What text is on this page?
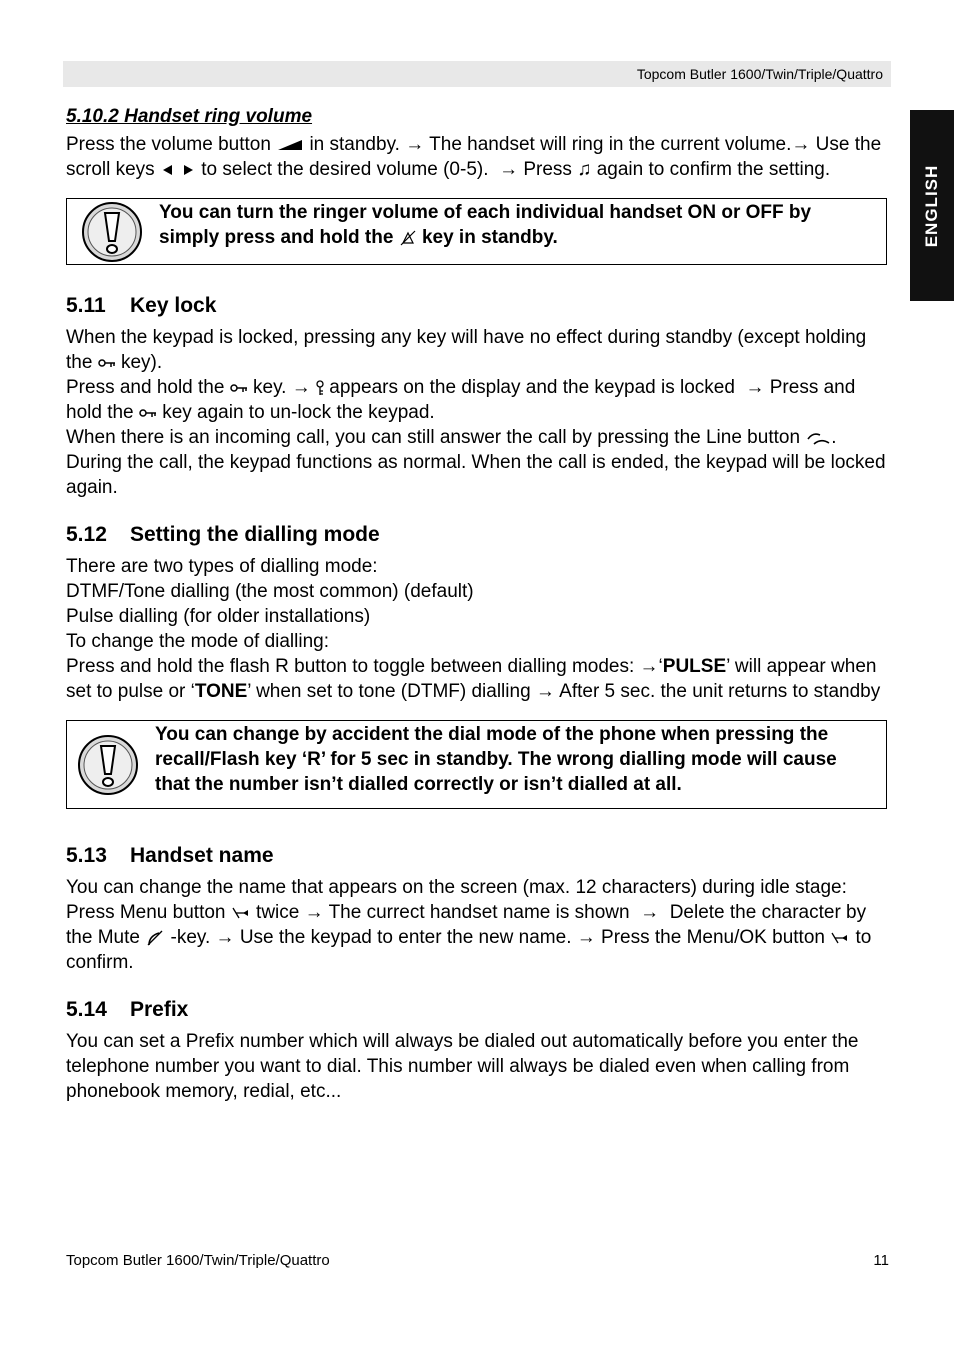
Topcom Butler 1600/Twin/Triple/Quattro
ENGLISH
5.10.2 Handset ring volume

Press the volume button in standby. → The handset will ring in the current volume.→ Use the scroll keys to select the desired volume (0-5). → Press ♫ again to confirm the setting.

You can turn the ringer volume of each individual handset ON or OFF by simply press and hold the key in standby.
5.11 Key lock

When the keypad is locked, pressing any key will have no effect during standby (except holding the key).

Press and hold the key. → appears on the display and the keypad is locked → Press and hold the key again to un-lock the keypad.

When there is an incoming call, you can still answer the call by pressing the Line button . During the call, the keypad functions as normal. When the call is ended, the keypad will be locked again.

5.12 Setting the dialling mode

There are two types of dialling mode:

DTMF/Tone dialling (the most common) (default)

Pulse dialling (for older installations)

To change the mode of dialling:

Press and hold the flash R button to toggle between dialling modes: →‘PULSE’ will appear when set to pulse or ‘TONE’ when set to tone (DTMF) dialling → After 5 sec. the unit returns to standby

You can change by accident the dial mode of the phone when pressing the recall/Flash key ‘R’ for 5 sec in standby. The wrong dialling mode will cause that the number isn’t dialled correctly or isn’t dialled at all.
5.13 Handset name

You can change the name that appears on the screen (max. 12 characters) during idle stage:

Press Menu button twice → The currect handset name is shown → Delete the character by the Mute -key. → Use the keypad to enter the new name. → Press the Menu/OK button to confirm.

5.14 Prefix

You can set a Prefix number which will always be dialed out automatically before you enter the telephone number you want to dial. This number will always be dialed even when calling from phonebook memory, redial, etc...

Topcom Butler 1600/Twin/Triple/Quattro	11
